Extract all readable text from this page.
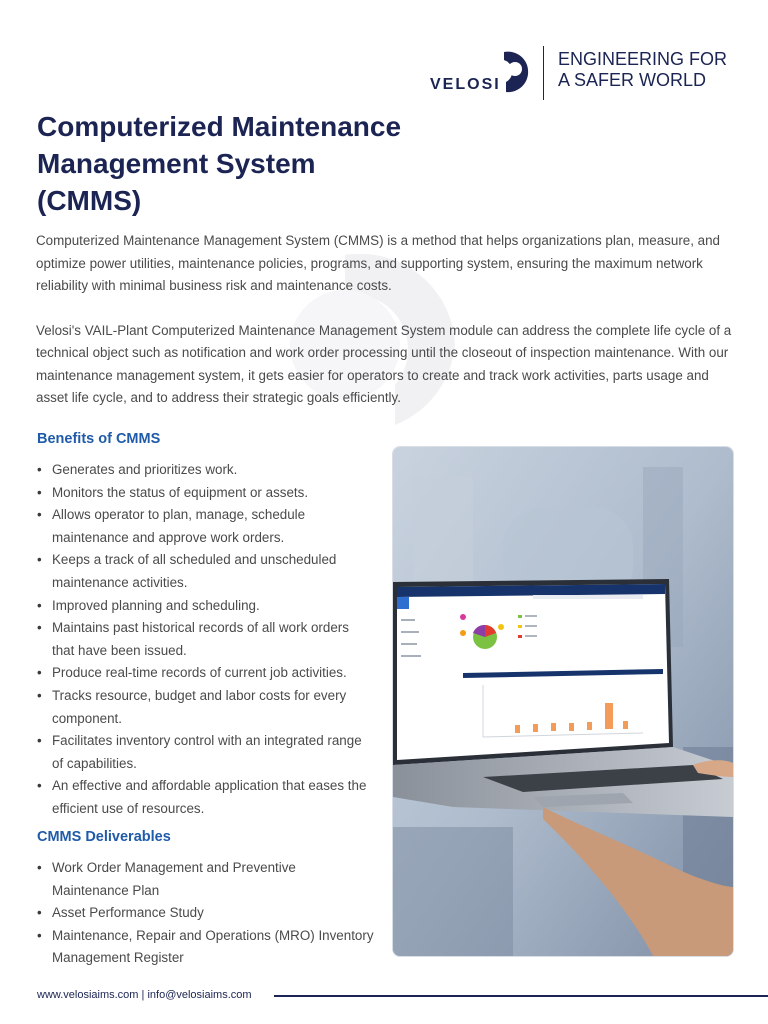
VELOSI
ENGINEERING FOR
A SAFER WORLD
Computerized Maintenance
Management System
(CMMS)

Computerized Maintenance Management System (CMMS) is a method that helps organizations plan, measure, and optimize power utilities, maintenance policies, programs, and supporting system, ensuring the maximum network reliability with minimal business risk and maintenance costs.

Velosi's VAIL-Plant Computerized Maintenance Management System module can address the complete life cycle of a technical object such as notification and work order processing until the closeout of inspection maintenance. With our maintenance management system, it gets easier for operators to create and track work activities, parts usage and asset life cycle, and to address their strategic goals efficiently.

Benefits of CMMS
• Generates and prioritizes work.
• Monitors the status of equipment or assets.
• Allows operator to plan, manage, schedule
maintenance and approve work orders.
• Keeps a track of all scheduled and unscheduled
maintenance activities.
• Improved planning and scheduling.
• Maintains past historical records of all work orders
that have been issued.
• Produce real-time records of current job activities.
• Tracks resource, budget and labor costs for every
component.
• Facilitates inventory control with an integrated range
of capabilities.
• An effective and affordable application that eases the
efficient use of resources.
CMMS Deliverables
• Work Order Management and Preventive
Maintenance Plan
• Asset Performance Study
• Maintenance, Repair and Operations (MRO) Inventory
Management Register
www.velosiaims.com | info@velosiaims.com
